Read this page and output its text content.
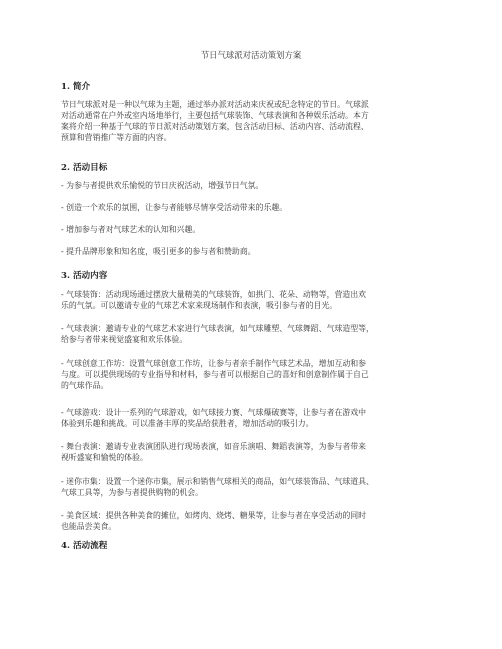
节日气球派对活动策划方案
1. 简介
节日气球派对是一种以气球为主题，通过举办派对活动来庆祝或纪念特定的节日。气球派
对活动通常在户外或室内场地举行，主要包括气球装饰、气球表演和各种娱乐活动。本方
案将介绍一种基于气球的节日派对活动策划方案，包含活动目标、活动内容、活动流程、
预算和营销推广等方面的内容。
2. 活动目标
- 为参与者提供欢乐愉悦的节日庆祝活动，增强节日气氛。
- 创造一个欢乐的氛围，让参与者能够尽情享受活动带来的乐趣。
- 增加参与者对气球艺术的认知和兴趣。
- 提升品牌形象和知名度，吸引更多的参与者和赞助商。
3. 活动内容
- 气球装饰：活动现场通过摆放大量精美的气球装饰，如拱门、花朵、动物等，营造出欢
乐的气氛。可以邀请专业的气球艺术家来现场制作和表演，吸引参与者的目光。
- 气球表演：邀请专业的气球艺术家进行气球表演，如气球雕塑、气球舞蹈、气球造型等，
给参与者带来视觉盛宴和欢乐体验。
- 气球创意工作坊：设置气球创意工作坊，让参与者亲手制作气球艺术品，增加互动和参
与度。可以提供现场的专业指导和材料，参与者可以根据自己的喜好和创意制作属于自己
的气球作品。
- 气球游戏：设计一系列的气球游戏，如气球接力赛、气球爆破赛等，让参与者在游戏中
体验到乐趣和挑战。可以准备丰厚的奖品给获胜者，增加活动的吸引力。
- 舞台表演：邀请专业表演团队进行现场表演，如音乐演唱、舞蹈表演等，为参与者带来
视听盛宴和愉悦的体验。
- 迷你市集：设置一个迷你市集，展示和销售气球相关的商品，如气球装饰品、气球道具、
气球工具等，为参与者提供购物的机会。
- 美食区域：提供各种美食的摊位，如烤肉、烧烤、糖果等，让参与者在享受活动的同时
也能品尝美食。
4. 活动流程
